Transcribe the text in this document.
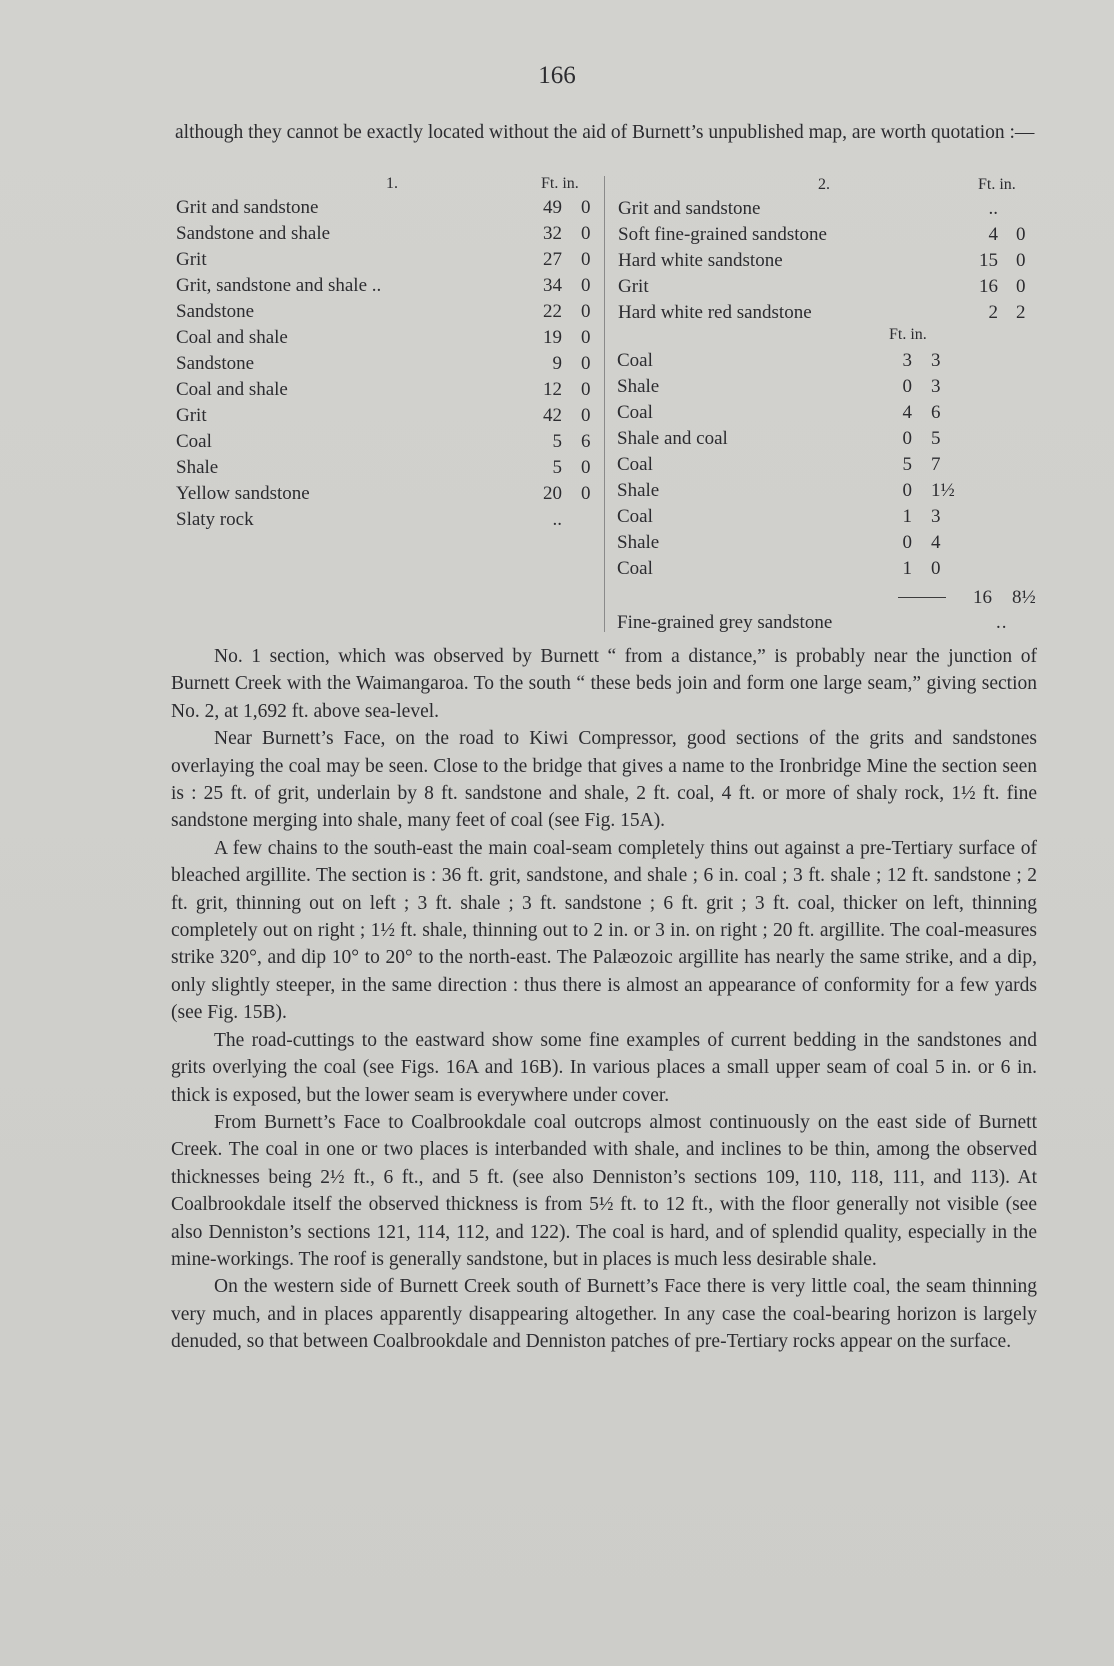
166
although they cannot be exactly located without the aid of Burnett’s unpublished map, are worth quotation :—
1.	Ft. in.
Grit and sandstone	49 0
Sandstone and shale	32 0
Grit	27 0
Grit, sandstone and shale ..	34 0
Sandstone	22 0
Coal and shale	19 0
Sandstone	9 0
Coal and shale	12 0
Grit	42 0
Coal	5 6
Shale	5 0
Yellow sandstone	20 0
Slaty rock	..
2.	Ft. in.
Grit and sandstone	..
Soft fine-grained sandstone	4 0
Hard white sandstone	15 0
Grit	16 0
Hard white red sandstone	2 2
Ft. in.
Coal	3 3
Shale	0 3
Coal	4 6
Shale and coal	0 5
Coal	5 7
Shale	0 1½
Coal	1 3
Shale	0 4
Coal	1 0
16 8½
Fine-grained grey sandstone	..

No. 1 section, which was observed by Burnett “ from a distance,” is probably near the junction of Burnett Creek with the Waimangaroa. To the south “ these beds join and form one large seam,” giving section No. 2, at 1,692 ft. above sea-level.

Near Burnett’s Face, on the road to Kiwi Compressor, good sections of the grits and sandstones overlaying the coal may be seen. Close to the bridge that gives a name to the Ironbridge Mine the section seen is : 25 ft. of grit, underlain by 8 ft. sandstone and shale, 2 ft. coal, 4 ft. or more of shaly rock, 1½ ft. fine sandstone merging into shale, many feet of coal (see Fig. 15A).

A few chains to the south-east the main coal-seam completely thins out against a pre-Tertiary surface of bleached argillite. The section is : 36 ft. grit, sandstone, and shale ; 6 in. coal ; 3 ft. shale ; 12 ft. sandstone ; 2 ft. grit, thinning out on left ; 3 ft. shale ; 3 ft. sandstone ; 6 ft. grit ; 3 ft. coal, thicker on left, thinning completely out on right ; 1½ ft. shale, thinning out to 2 in. or 3 in. on right ; 20 ft. argillite. The coal-measures strike 320°, and dip 10° to 20° to the north-east. The Palæozoic argillite has nearly the same strike, and a dip, only slightly steeper, in the same direction : thus there is almost an appearance of conformity for a few yards (see Fig. 15B).

The road-cuttings to the eastward show some fine examples of current bedding in the sandstones and grits overlying the coal (see Figs. 16A and 16B). In various places a small upper seam of coal 5 in. or 6 in. thick is exposed, but the lower seam is everywhere under cover.

From Burnett’s Face to Coalbrookdale coal outcrops almost continuously on the east side of Burnett Creek. The coal in one or two places is interbanded with shale, and inclines to be thin, among the observed thicknesses being 2½ ft., 6 ft., and 5 ft. (see also Denniston’s sections 109, 110, 118, 111, and 113). At Coalbrookdale itself the observed thickness is from 5½ ft. to 12 ft., with the floor generally not visible (see also Denniston’s sections 121, 114, 112, and 122). The coal is hard, and of splendid quality, especially in the mine-workings. The roof is generally sandstone, but in places is much less desirable shale.

On the western side of Burnett Creek south of Burnett’s Face there is very little coal, the seam thinning very much, and in places apparently disappearing altogether. In any case the coal-bearing horizon is largely denuded, so that between Coalbrookdale and Denniston patches of pre-Tertiary rocks appear on the surface.
